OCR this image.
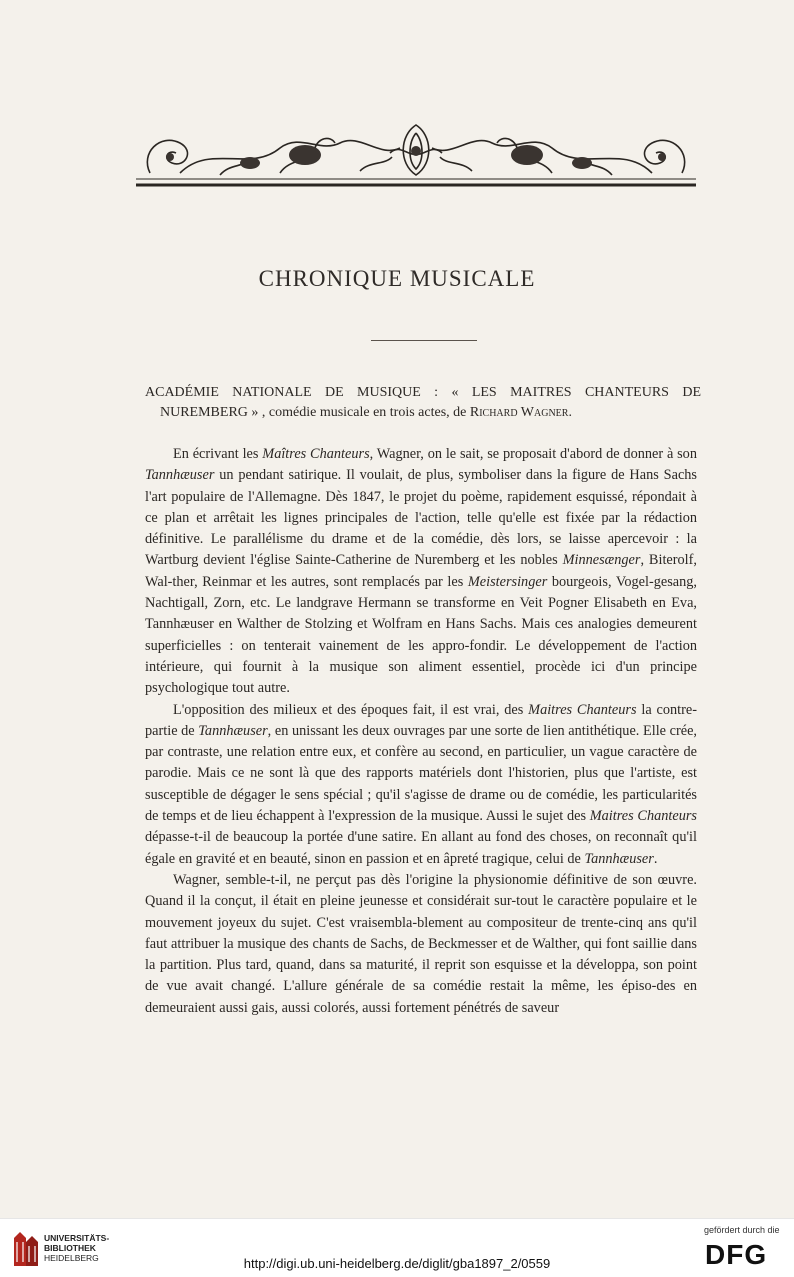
CHRONIQUE MUSICALE

ACADÉMIE NATIONALE DE MUSIQUE : « LES MAITRES CHANTEURS DE
NUREMBERG » , comédie musicale en trois actes, de Richard Wagner.

En écrivant les Maîtres Chanteurs, Wagner, on le sait, se proposait d'abord de donner à son Tannhæuser un pendant satirique. Il voulait, de plus, symboliser dans la figure de Hans Sachs l'art populaire de l'Allemagne. Dès 1847, le projet du poème, rapidement esquissé, répondait à ce plan et arrêtait les lignes principales de l'action, telle qu'elle est fixée par la rédaction définitive. Le parallélisme du drame et de la comédie, dès lors, se laisse apercevoir : la Wartburg devient l'église Sainte-Catherine de Nuremberg et les nobles Minnesænger, Biterolf, Wal-ther, Reinmar et les autres, sont remplacés par les Meistersinger bourgeois, Vogel-gesang, Nachtigall, Zorn, etc. Le landgrave Hermann se transforme en Veit Pogner Elisabeth en Eva, Tannhæuser en Walther de Stolzing et Wolfram en Hans Sachs. Mais ces analogies demeurent superficielles : on tenterait vainement de les appro-fondir. Le développement de l'action intérieure, qui fournit à la musique son aliment essentiel, procède ici d'un principe psychologique tout autre.

L'opposition des milieux et des époques fait, il est vrai, des Maitres Chanteurs la contre-partie de Tannhæuser, en unissant les deux ouvrages par une sorte de lien antithétique. Elle crée, par contraste, une relation entre eux, et confère au second, en particulier, un vague caractère de parodie. Mais ce ne sont là que des rapports matériels dont l'historien, plus que l'artiste, est susceptible de dégager le sens spécial ; qu'il s'agisse de drame ou de comédie, les particularités de temps et de lieu échappent à l'expression de la musique. Aussi le sujet des Maitres Chanteurs dépasse-t-il de beaucoup la portée d'une satire. En allant au fond des choses, on reconnaît qu'il égale en gravité et en beauté, sinon en passion et en âpreté tragique, celui de Tannhæuser.

Wagner, semble-t-il, ne perçut pas dès l'origine la physionomie définitive de son œuvre. Quand il la conçut, il était en pleine jeunesse et considérait sur-tout le caractère populaire et le mouvement joyeux du sujet. C'est vraisembla-blement au compositeur de trente-cinq ans qu'il faut attribuer la musique des chants de Sachs, de Beckmesser et de Walther, qui font saillie dans la partition. Plus tard, quand, dans sa maturité, il reprit son esquisse et la développa, son point de vue avait changé. L'allure générale de sa comédie restait la même, les épiso-des en demeuraient aussi gais, aussi colorés, aussi fortement pénétrés de saveur

UNIVERSITÄTS-
BIBLIOTHEK
HEIDELBERG	http://digi.ub.uni-heidelberg.de/diglit/gba1897_2/0559
gefördert durch die
DFG
